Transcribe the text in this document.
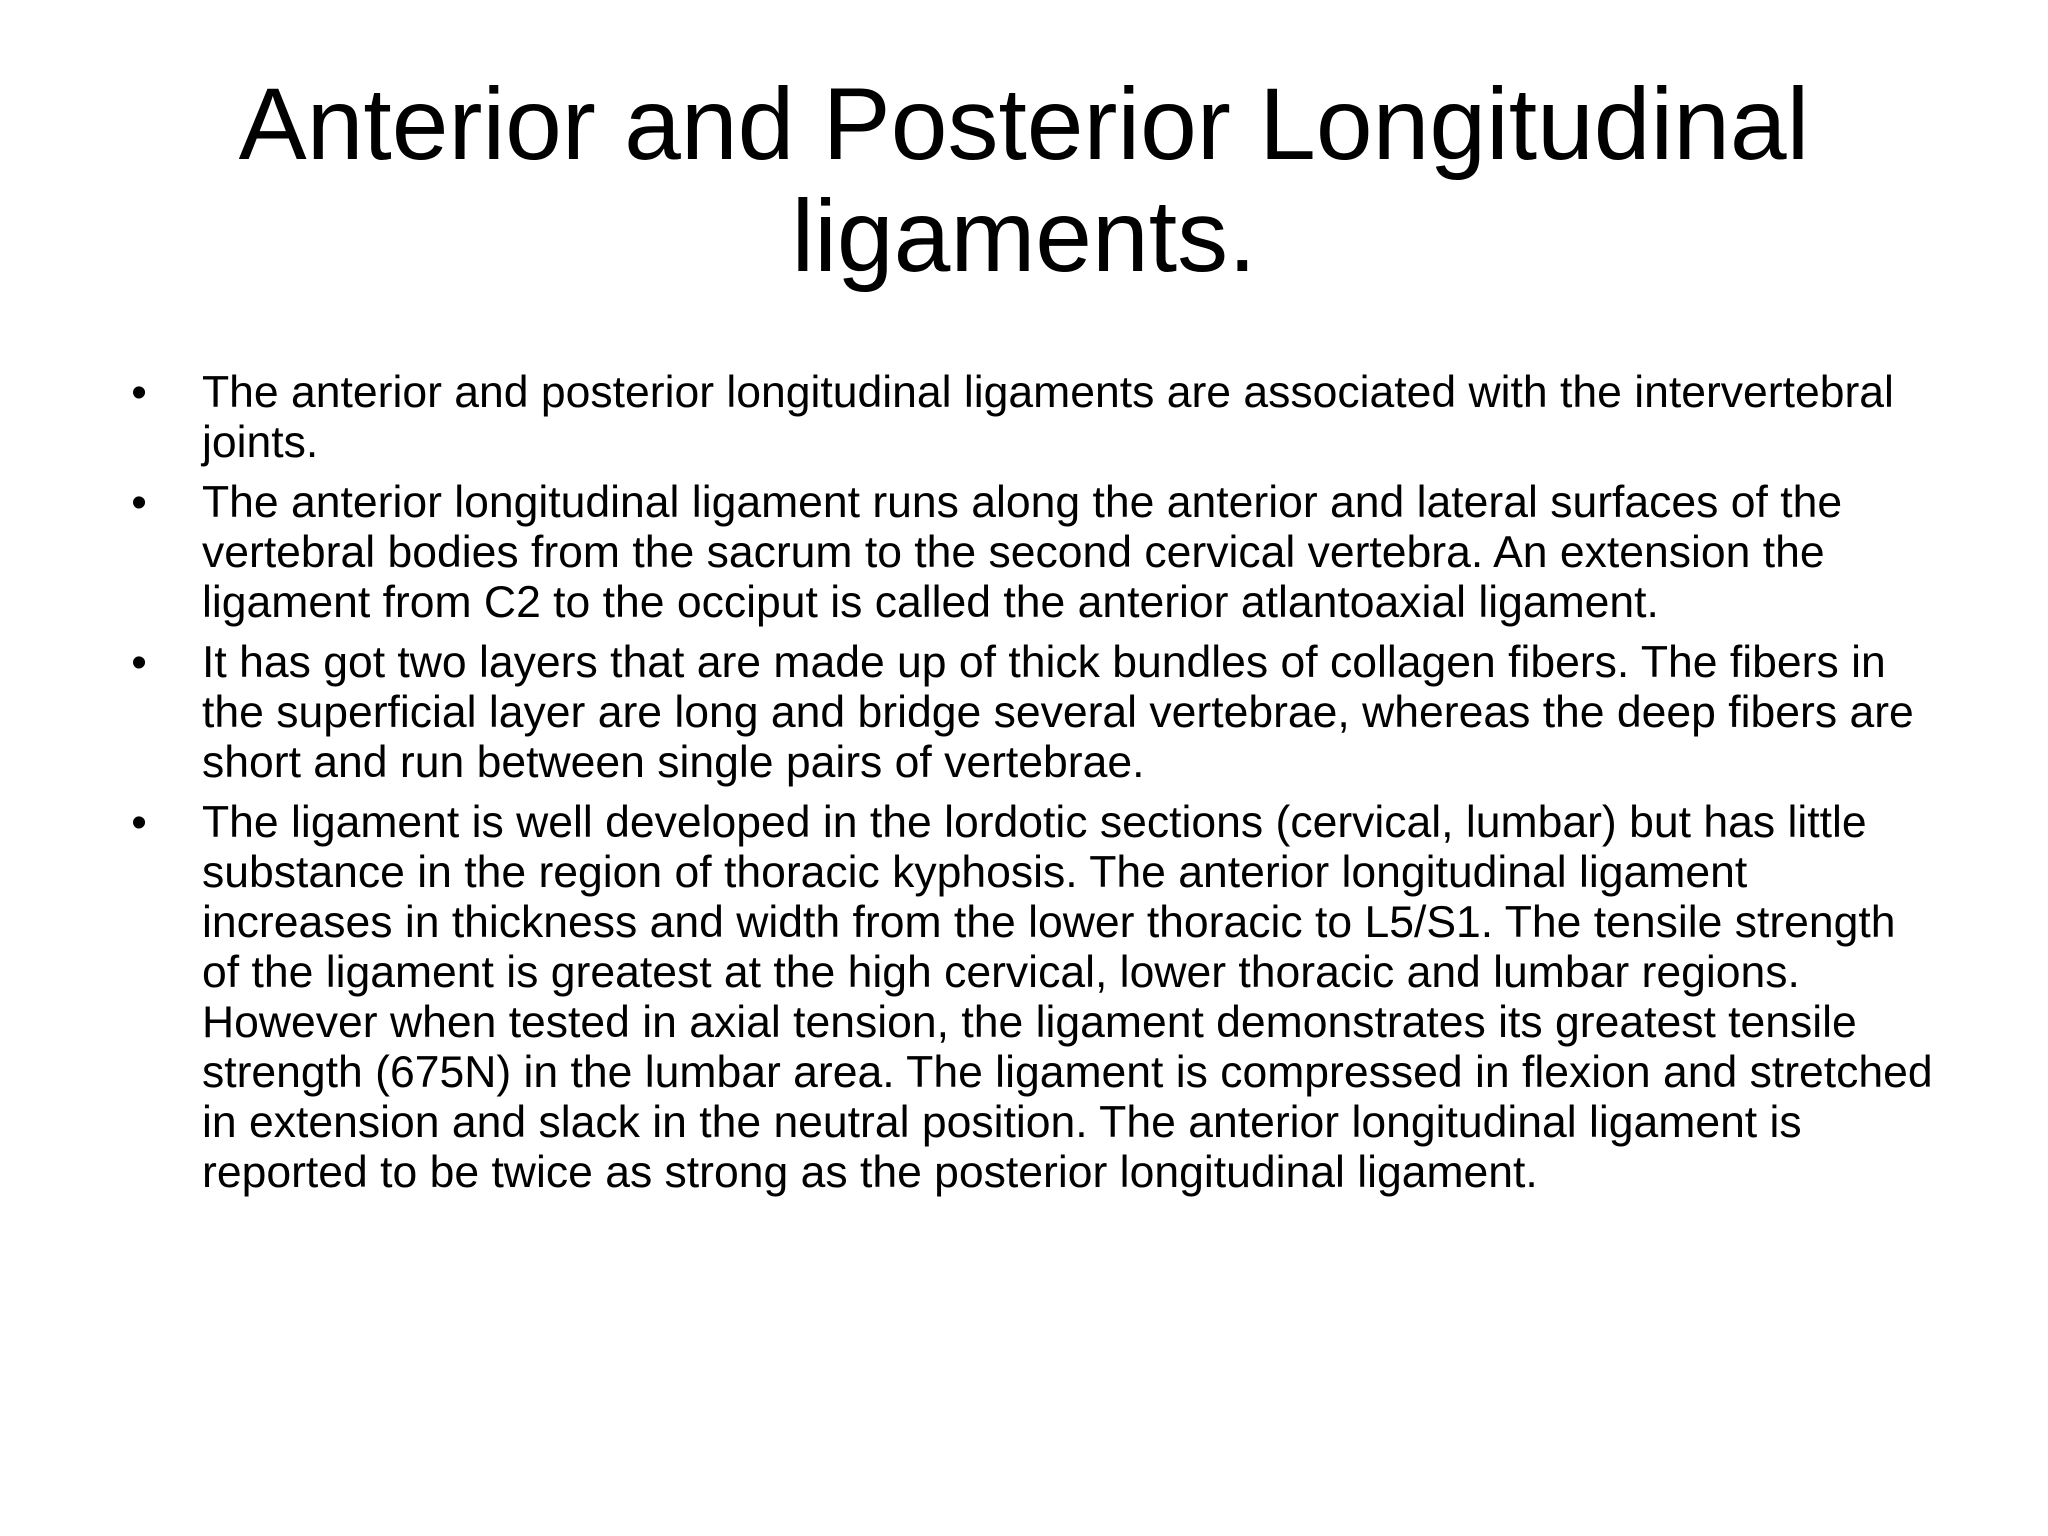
Anterior and Posterior Longitudinal ligaments.
• The anterior and posterior longitudinal ligaments are associated with the intervertebral joints.
• The anterior longitudinal ligament runs along the anterior and lateral surfaces of the vertebral bodies from the sacrum to the second cervical vertebra. An extension the ligament from C2 to the occiput is called the anterior atlantoaxial ligament.
• It has got two layers that are made up of thick bundles of collagen fibers. The fibers in the superficial layer are long and bridge several vertebrae, whereas the deep fibers are short and run between single pairs of vertebrae.
• The ligament is well developed in the lordotic sections (cervical, lumbar) but has little substance in the region of thoracic kyphosis. The anterior longitudinal ligament increases in thickness and width from the lower thoracic to L5/S1. The tensile strength of the ligament is greatest at the high cervical, lower thoracic and lumbar regions. However when tested in axial tension, the ligament demonstrates its greatest tensile strength (675N) in the lumbar area. The ligament is compressed in flexion and stretched in extension and slack in the neutral position. The anterior longitudinal ligament is reported to be twice as strong as the posterior longitudinal ligament.
